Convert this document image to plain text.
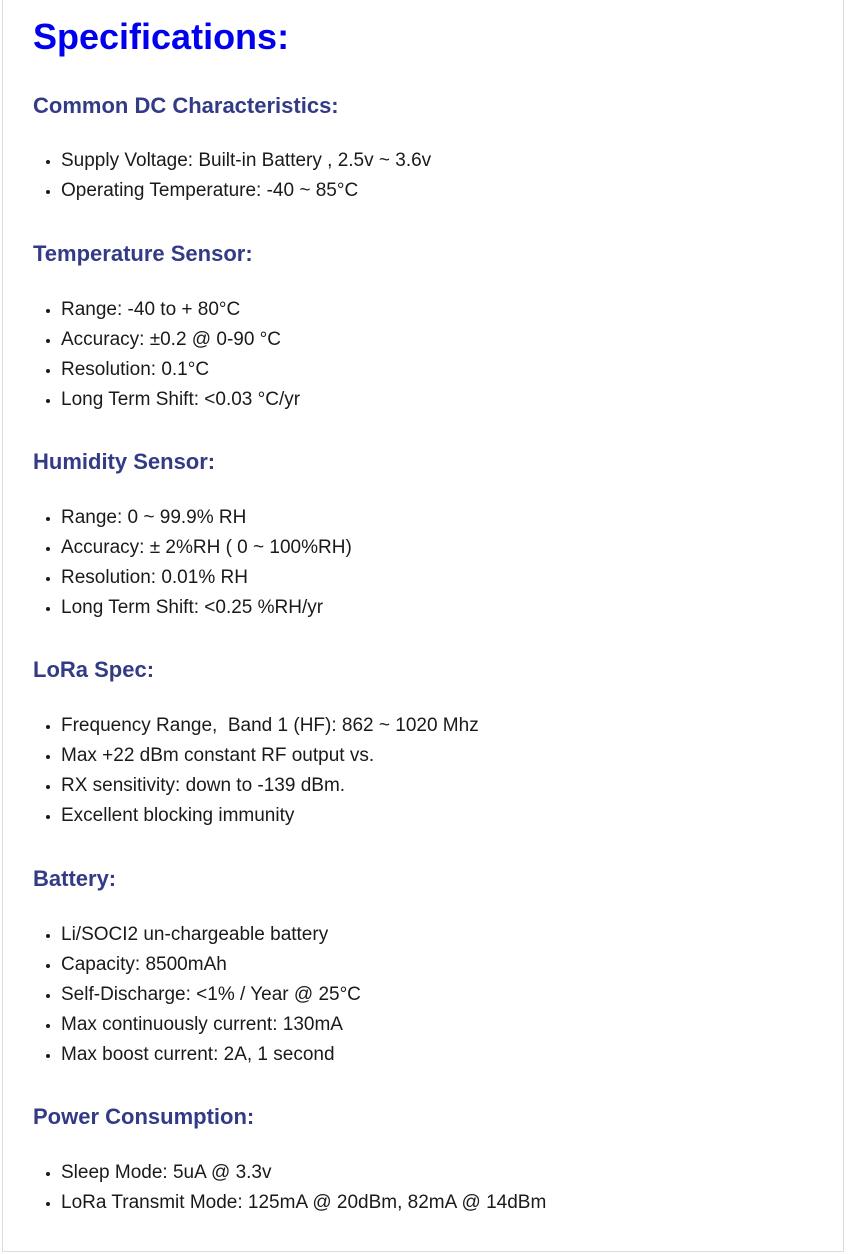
Specifications:
Common DC Characteristics:
• Supply Voltage: Built-in Battery , 2.5v ~ 3.6v
• Operating Temperature: -40 ~ 85°C
Temperature Sensor:
• Range: -40 to + 80°C
• Accuracy: ±0.2 @ 0-90 °C
• Resolution: 0.1°C
• Long Term Shift: <0.03 °C/yr
Humidity Sensor:
• Range: 0 ~ 99.9% RH
• Accuracy: ± 2%RH ( 0 ~ 100%RH)
• Resolution: 0.01% RH
• Long Term Shift: <0.25 %RH/yr
LoRa Spec:
• Frequency Range,  Band 1 (HF): 862 ~ 1020 Mhz
• Max +22 dBm constant RF output vs.
• RX sensitivity: down to -139 dBm.
• Excellent blocking immunity
Battery:
• Li/SOCI2 un-chargeable battery
• Capacity: 8500mAh
• Self-Discharge: <1% / Year @ 25°C
• Max continuously current: 130mA
• Max boost current: 2A, 1 second
Power Consumption:
• Sleep Mode: 5uA @ 3.3v
• LoRa Transmit Mode: 125mA @ 20dBm, 82mA @ 14dBm
